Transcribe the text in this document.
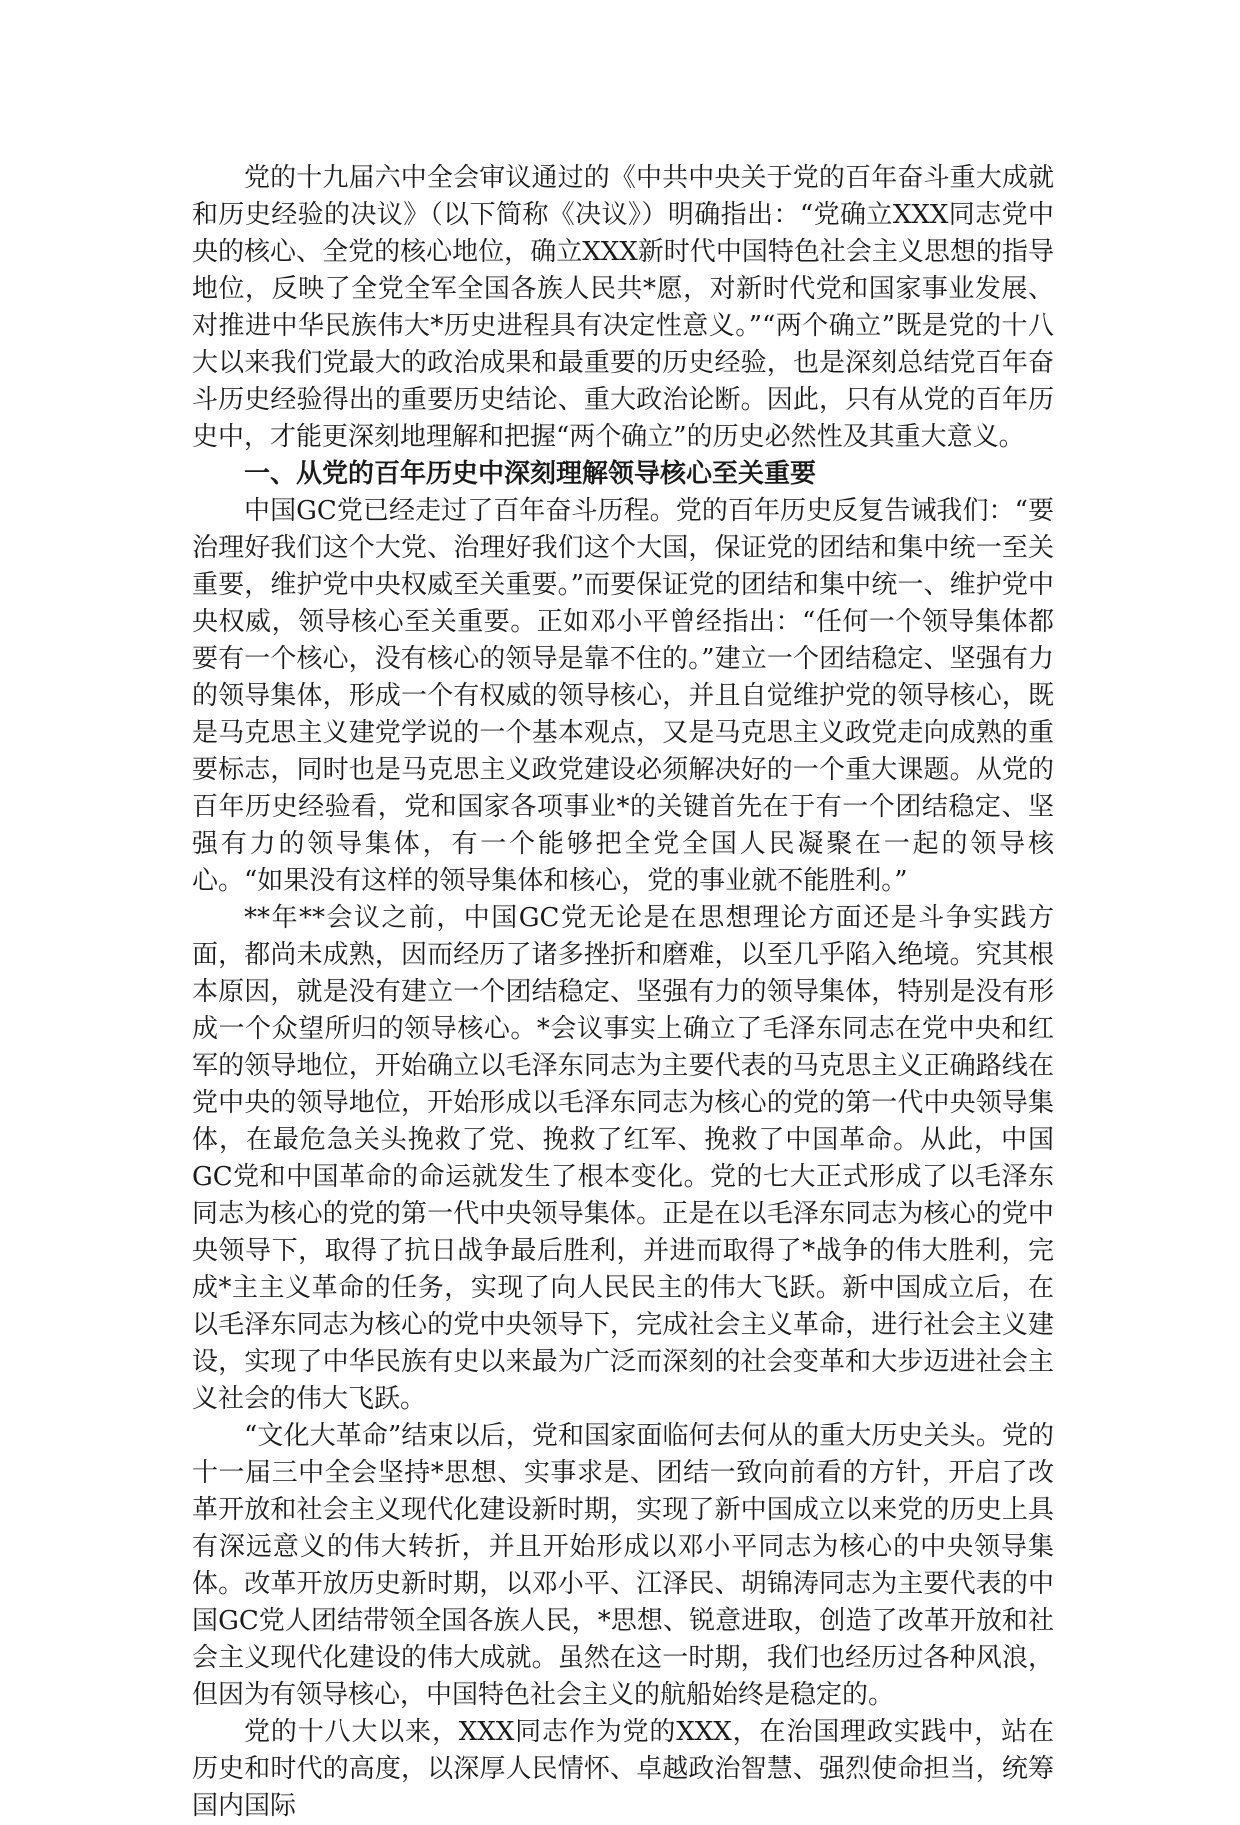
党的十九届六中全会审议通过的《中共中央关于党的百年奋斗重大成就和历史经验的决议》（以下简称《决议》）明确指出：“党确立XXX同志党中央的核心、全党的核心地位，确立XXX新时代中国特色社会主义思想的指导地位，反映了全党全军全国各族人民共*愿，对新时代党和国家事业发展、对推进中华民族伟大*历史进程具有决定性意义。”“两个确立”既是党的十八大以来我们党最大的政治成果和最重要的历史经验，也是深刻总结党百年奋斗历史经验得出的重要历史结论、重大政治论断。因此，只有从党的百年历史中，才能更深刻地理解和把握“两个确立”的历史必然性及其重大意义。

一、从党的百年历史中深刻理解领导核心至关重要

中国GC党已经走过了百年奋斗历程。党的百年历史反复告诫我们：“要治理好我们这个大党、治理好我们这个大国，保证党的团结和集中统一至关重要，维护党中央权威至关重要。”而要保证党的团结和集中统一、维护党中央权威，领导核心至关重要。正如邓小平曾经指出：“任何一个领导集体都要有一个核心，没有核心的领导是靠不住的。”建立一个团结稳定、坚强有力的领导集体，形成一个有权威的领导核心，并且自觉维护党的领导核心，既是马克思主义建党学说的一个基本观点，又是马克思主义政党走向成熟的重要标志，同时也是马克思主义政党建设必须解决好的一个重大课题。从党的百年历史经验看，党和国家各项事业*的关键首先在于有一个团结稳定、坚强有力的领导集体，有一个能够把全党全国人民凝聚在一起的领导核心。“如果没有这样的领导集体和核心，党的事业就不能胜利。”

**年**会议之前，中国GC党无论是在思想理论方面还是斗争实践方面，都尚未成熟，因而经历了诸多挫折和磨难，以至几乎陷入绝境。究其根本原因，就是没有建立一个团结稳定、坚强有力的领导集体，特别是没有形成一个众望所归的领导核心。*会议事实上确立了毛泽东同志在党中央和红军的领导地位，开始确立以毛泽东同志为主要代表的马克思主义正确路线在党中央的领导地位，开始形成以毛泽东同志为核心的党的第一代中央领导集体，在最危急关头挽救了党、挽救了红军、挽救了中国革命。从此，中国GC党和中国革命的命运就发生了根本变化。党的七大正式形成了以毛泽东同志为核心的党的第一代中央领导集体。正是在以毛泽东同志为核心的党中央领导下，取得了抗日战争最后胜利，并进而取得了*战争的伟大胜利，完成*主主义革命的任务，实现了向人民民主的伟大飞跃。新中国成立后，在以毛泽东同志为核心的党中央领导下，完成社会主义革命，进行社会主义建设，实现了中华民族有史以来最为广泛而深刻的社会变革和大步迈进社会主义社会的伟大飞跃。

“文化大革命”结束以后，党和国家面临何去何从的重大历史关头。党的十一届三中全会坚持*思想、实事求是、团结一致向前看的方针，开启了改革开放和社会主义现代化建设新时期，实现了新中国成立以来党的历史上具有深远意义的伟大转折，并且开始形成以邓小平同志为核心的中央领导集体。改革开放历史新时期，以邓小平、江泽民、胡锦涛同志为主要代表的中国GC党人团结带领全国各族人民，*思想、锐意进取，创造了改革开放和社会主义现代化建设的伟大成就。虽然在这一时期，我们也经历过各种风浪，但因为有领导核心，中国特色社会主义的航船始终是稳定的。

党的十八大以来，XXX同志作为党的XXX，在治国理政实践中，站在历史和时代的高度，以深厚人民情怀、卓越政治智慧、强烈使命担当，统筹国内国际
